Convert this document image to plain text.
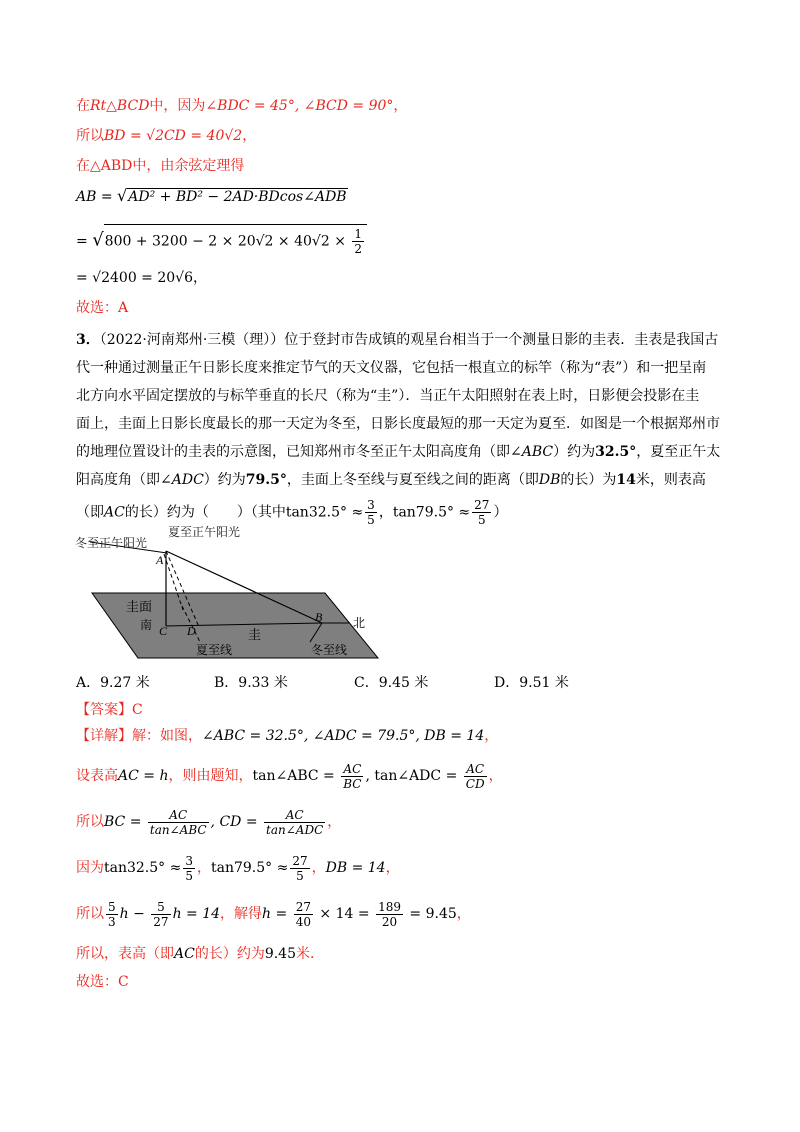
在Rt△BCD中，因为∠BDC = 45°, ∠BCD = 90°，
所以BD = √2CD = 40√2，
在△ABD中，由余弦定理得
AB = √AD² + BD² − 2AD·BDcos∠ADB
= $√800 + 3200 - 2 \times 20√2 \times 40√2 \times \frac{1}{2}$
= √2400 = 20√6，
故选：A
3．（2022·河南郑州·三模（理））位于登封市告成镇的观星台相当于一个测量日影的圭表．圭表是我国古
代一种通过测量正午日影长度来推定节气的天文仪器，它包括一根直立的标竿（称为“表”）和一把呈南
北方向水平固定摆放的与标竿垂直的长尺（称为“圭”）．当正午太阳照射在表上时，日影便会投影在圭
面上，圭面上日影长度最长的那一天定为冬至，日影长度最短的那一天定为夏至．如图是一个根据郑州市
的地理位置设计的圭表的示意图，已知郑州市冬至正午太阳高度角（即∠ABC）约为32.5°，夏至正午太
阳高度角（即∠ADC）约为79.5°，圭面上冬至线与夏至线之间的距离（即DB的长）为14米，则表高
（即AC的长）约为（　　）（其中$\tan 32.5^\circ \approx \frac{3}{5}$ ，$\tan 79.5^\circ \approx \frac{27}{5}$ ）
冬至正午阳光
夏至正午阳光
A
圭面
南 C D
B	北
圭
夏至线	冬至线
A．9.27 米	B．9.33 米	C．9.45 米	D．9.51 米
【答案】C
【详解】解：如图，∠ABC = 32.5°, ∠ADC = 79.5°, DB = 14，
设表高AC = h，则由题知，tan∠ABC = $\frac{AC}{BC}$ , tan∠ADC = $\frac{AC}{CD}$ ，
所以BC = $\frac{AC}{\text{tan∠ABC}}$ , CD = $\frac{AC}{\text{tan∠ADC}}$ ，
因为$\tan 32.5^\circ \approx \frac{3}{5}$ ，$\tan 79.5^\circ \approx \frac{27}{5}$ ，DB = 14，
所以 $\frac{5}{3}$ $h - \frac{5}{27}$ h = 14，解得$h = \frac{27}{40} \times 14 = \frac{189}{20} = 9.45$，
所以，表高（即AC的长）约为9.45米.
故选：C
